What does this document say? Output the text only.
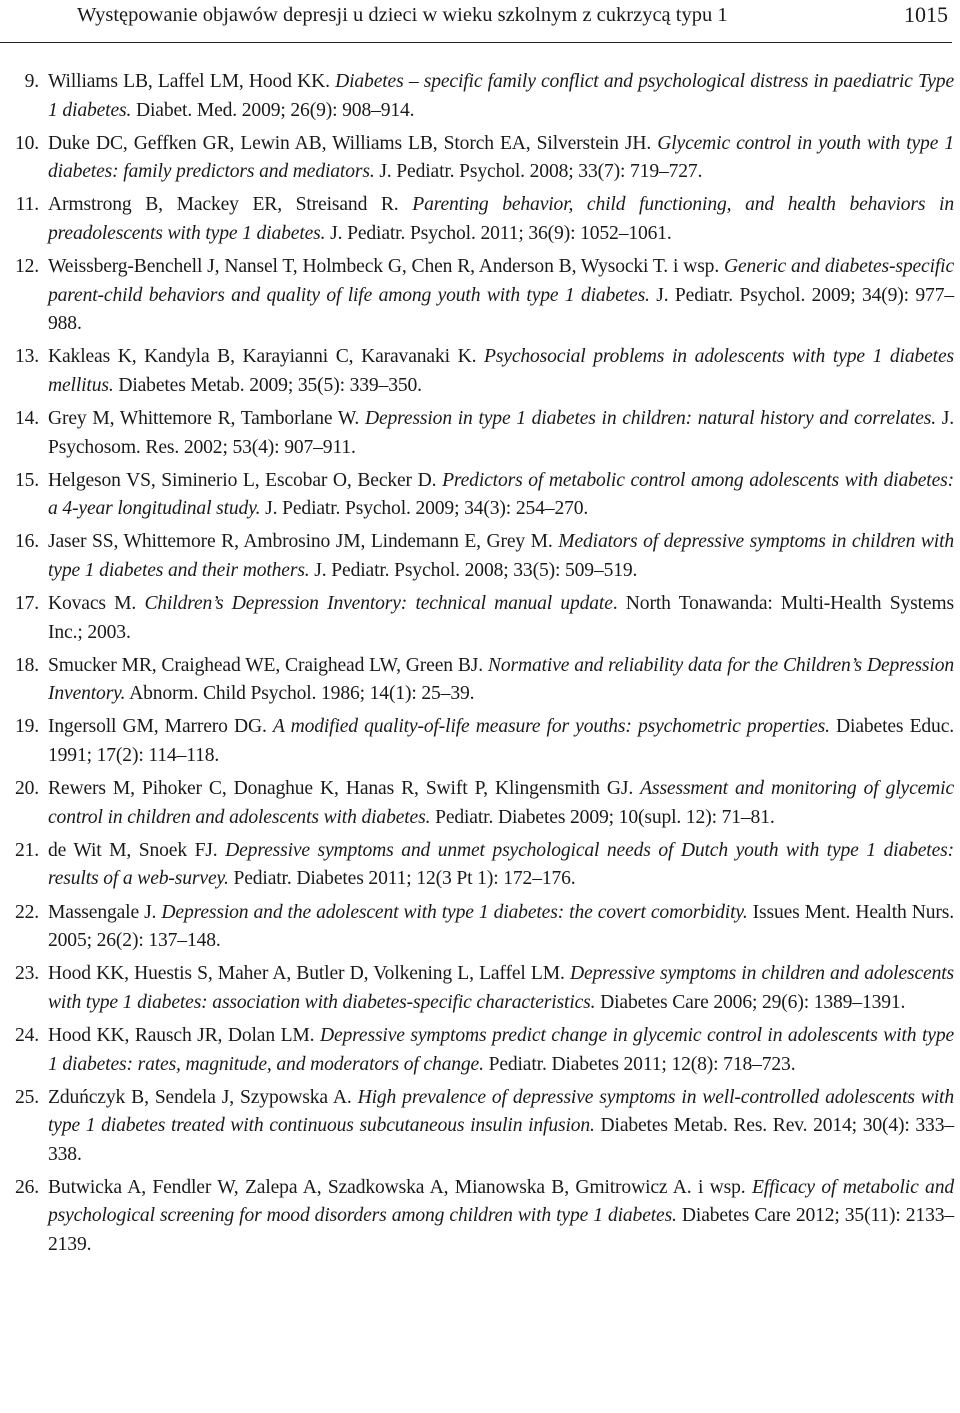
Występowanie objawów depresji u dzieci w wieku szkolnym z cukrzycą typu 1	1015
9. Williams LB, Laffel LM, Hood KK. Diabetes – specific family conflict and psychological distress in paediatric Type 1 diabetes. Diabet. Med. 2009; 26(9): 908‒914.
10. Duke DC, Geffken GR, Lewin AB, Williams LB, Storch EA, Silverstein JH. Glycemic control in youth with type 1 diabetes: family predictors and mediators. J. Pediatr. Psychol. 2008; 33(7): 719‒727.
11. Armstrong B, Mackey ER, Streisand R. Parenting behavior, child functioning, and health behaviors in preadolescents with type 1 diabetes. J. Pediatr. Psychol. 2011; 36(9): 1052‒1061.
12. Weissberg-Benchell J, Nansel T, Holmbeck G, Chen R, Anderson B, Wysocki T. i wsp. Generic and diabetes-specific parent-child behaviors and quality of life among youth with type 1 diabetes. J. Pediatr. Psychol. 2009; 34(9): 977‒988.
13. Kakleas K, Kandyla B, Karayianni C, Karavanaki K. Psychosocial problems in adolescents with type 1 diabetes mellitus. Diabetes Metab. 2009; 35(5): 339‒350.
14. Grey M, Whittemore R, Tamborlane W. Depression in type 1 diabetes in children: natural history and correlates. J. Psychosom. Res. 2002; 53(4): 907‒911.
15. Helgeson VS, Siminerio L, Escobar O, Becker D. Predictors of metabolic control among adolescents with diabetes: a 4-year longitudinal study. J. Pediatr. Psychol. 2009; 34(3): 254‒270.
16. Jaser SS, Whittemore R, Ambrosino JM, Lindemann E, Grey M. Mediators of depressive symptoms in children with type 1 diabetes and their mothers. J. Pediatr. Psychol. 2008; 33(5): 509‒519.
17. Kovacs M. Children’s Depression Inventory: technical manual update. North Tonawanda: Multi-Health Systems Inc.; 2003.
18. Smucker MR, Craighead WE, Craighead LW, Green BJ. Normative and reliability data for the Children’s Depression Inventory. Abnorm. Child Psychol. 1986; 14(1): 25‒39.
19. Ingersoll GM, Marrero DG. A modified quality-of-life measure for youths: psychometric properties. Diabetes Educ. 1991; 17(2): 114‒118.
20. Rewers M, Pihoker C, Donaghue K, Hanas R, Swift P, Klingensmith GJ. Assessment and monitoring of glycemic control in children and adolescents with diabetes. Pediatr. Diabetes 2009; 10(supl. 12): 71‒81.
21. de Wit M, Snoek FJ. Depressive symptoms and unmet psychological needs of Dutch youth with type 1 diabetes: results of a web-survey. Pediatr. Diabetes 2011; 12(3 Pt 1): 172‒176.
22. Massengale J. Depression and the adolescent with type 1 diabetes: the covert comorbidity. Issues Ment. Health Nurs. 2005; 26(2): 137‒148.
23. Hood KK, Huestis S, Maher A, Butler D, Volkening L, Laffel LM. Depressive symptoms in children and adolescents with type 1 diabetes: association with diabetes-specific characteristics. Diabetes Care 2006; 29(6): 1389‒1391.
24. Hood KK, Rausch JR, Dolan LM. Depressive symptoms predict change in glycemic control in adolescents with type 1 diabetes: rates, magnitude, and moderators of change. Pediatr. Diabetes 2011; 12(8): 718‒723.
25. Zduńczyk B, Sendela J, Szypowska A. High prevalence of depressive symptoms in well-controlled adolescents with type 1 diabetes treated with continuous subcutaneous insulin infusion. Diabetes Metab. Res. Rev. 2014; 30(4): 333‒338.
26. Butwicka A, Fendler W, Zalepa A, Szadkowska A, Mianowska B, Gmitrowicz A. i wsp. Efficacy of metabolic and psychological screening for mood disorders among children with type 1 diabetes. Diabetes Care 2012; 35(11): 2133‒2139.
